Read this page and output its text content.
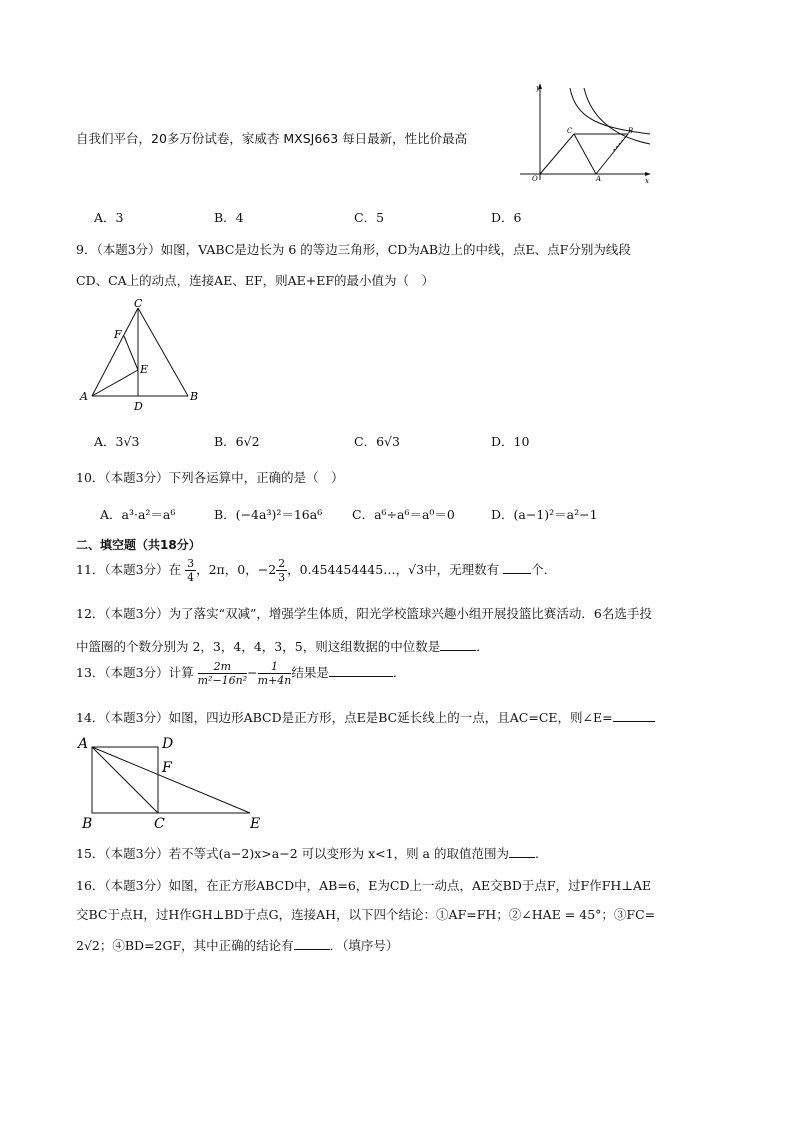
自我们平台，20多万份试卷，家威杏 MXSJ663 每日最新，性比价最高
y
x
O
C	B
A
A．3	B．4	C．5	D．6
9．（本题3分）如图，VABC是边长为 6 的等边三角形，CD为AB边上的中线，点E、点F分别为线段
CD、CA上的动点，连接AE、EF，则AE+EF的最小值为（　）
C
F
E
A
D
B
A．3√3	B．6√2	C．6√3	D．10
10．（本题3分）下列各运算中，正确的是（　）
A．a³·a²＝a⁶	B．(−4a³)²＝16a⁶ C．a⁶÷a⁶＝a⁰＝0	D．(a−1)²＝a²−1
二、填空题（共18分）
11．（本题3分）在 $\frac{3}{4}$ ，2π，0，$-2 \frac{2}{3}$ ，0.454454445…，√3中，无理数有	个．
12．（本题3分）为了落实“双减”，增强学生体质，阳光学校篮球兴趣小组开展投篮比赛活动．6名选手投
中篮圈的个数分别为 2，3，4，4，3，5，则这组数据的中位数是	．
13．（本题3分）计算 $\frac{2m}{\text{m²−16n²}} - \frac{1}{m+4n}$ 结果是	．
14．（本题3分）如图，四边形ABCD是正方形，点E是BC延长线上的一点，且AC=CE，则∠E=
A	D
F
B	C	E
15．（本题3分）若不等式(a−2)x>a−2 可以变形为 x<1，则 a 的取值范围为 .
16．（本题3分）如图，在正方形ABCD中，AB=6，E为CD上一动点，AE交BD于点F，过F作FH⊥AE
交BC于点H，过H作GH⊥BD于点G，连接AH，以下四个结论：①AF=FH；②∠HAE = 45°；③FC=
2√2；④BD=2GF，其中正确的结论有	．（填序号）
